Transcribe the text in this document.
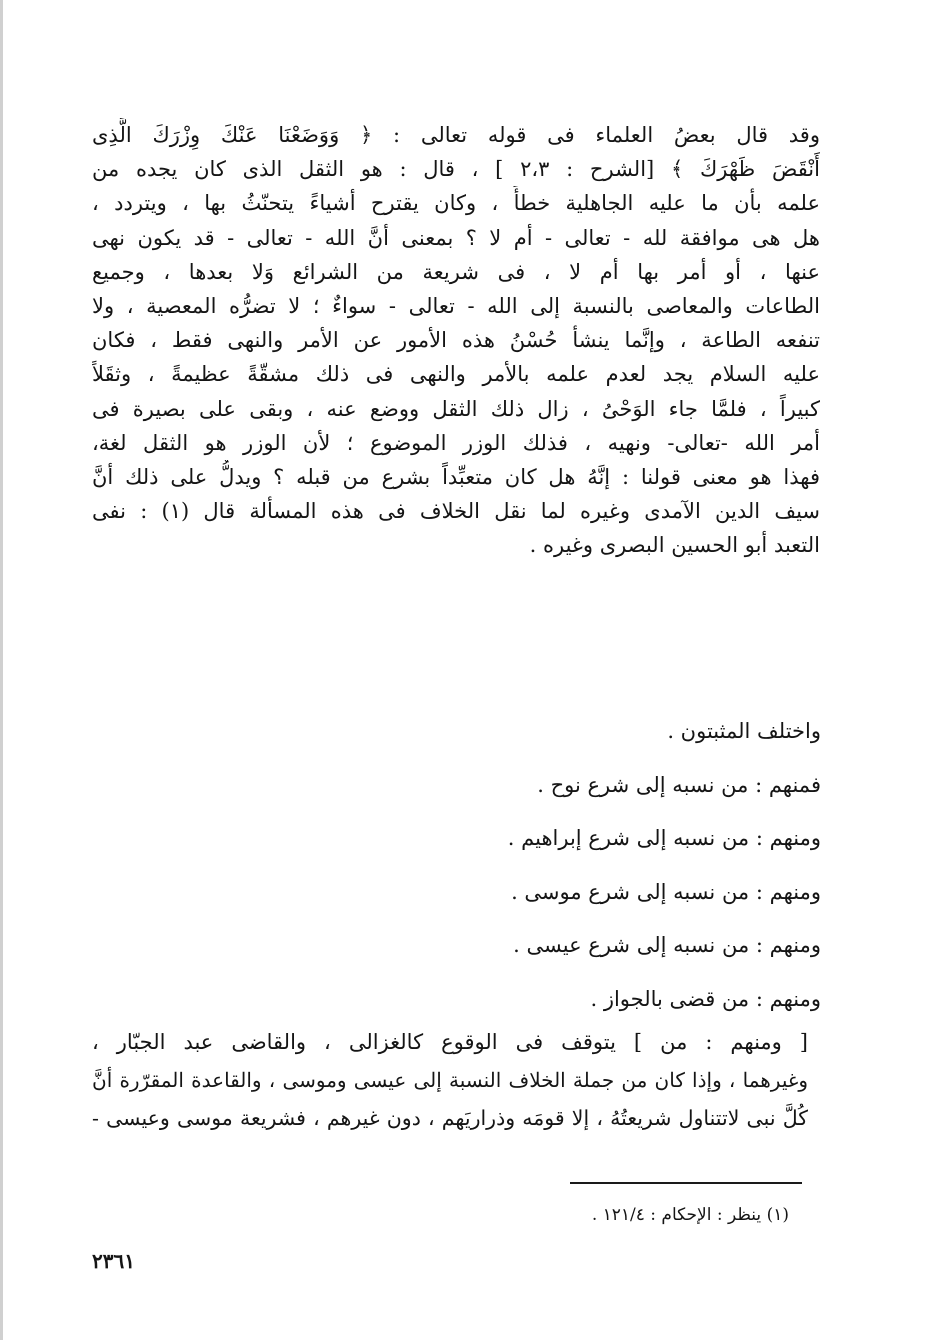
وقد قال بعضُ العلماء فى قوله تعالى : ﴿ وَوَضَعْنَا عَنْكَ وِزْرَكَ الَّذِى
أَنْقَضَ ظَهْرَكَ ﴾ [الشرح : ٢،٣ ] ، قال : هو الثقل الذى كان يجده من
علمه بأن ما عليه الجاهلية خطأً ، وكان يقترح أشياءً يتحنّثُ بها ، ويتردد ،
هل هى موافقة لله - تعالى - أم لا ؟ بمعنى أنَّ الله - تعالى - قد يكون نهى
عنها ، أو أمر بها أم لا ، فى شريعة من الشرائع وَلا بعدها ، وجميع
الطاعات والمعاصى بالنسبة إلى الله - تعالى - سواءٌ ؛ لا تضرُّه المعصية ، ولا
تنفعه الطاعة ، وإنَّما ينشأ حُسْنُ هذه الأمور عن الأمر والنهى فقط ، فكان
عليه السلام يجد لعدم علمه بالأمر والنهى فى ذلك مشقّةً عظيمةً ، وثقَلاً
كبيراً ، فلمَّا جاء الوَحْىُ ، زال ذلك الثقل ووضع عنه ، وبقى على بصيرة فى
أمر الله -تعالى- ونهيه ، فذلك الوزر الموضوع ؛ لأن الوزر هو الثقل لغة،
فهذا هو معنى قولنا : إنَّهُ هل كان متعبِّداً بشرع من قبله ؟ ويدلُّ على ذلك أنَّ
سيف الدين الآمدى وغيره لما نقل الخلاف فى هذه المسألة قال (١) : نفى
التعبد أبو الحسين البصرى وغيره .
واختلف المثبتون .
فمنهم : من نسبه إلى شرع نوح .
ومنهم : من نسبه إلى شرع إبراهيم .
ومنهم : من نسبه إلى شرع موسى .
ومنهم : من نسبه إلى شرع عيسى .
ومنهم : من قضى بالجواز .
[ ومنهم : من ] يتوقف فى الوقوع كالغزالى ، والقاضى عبد الجبّار ،
وغيرهما ، وإذا كان من جملة الخلاف النسبة إلى عيسى وموسى ، والقاعدة المقرّرة أنَّ
كُلَّ نبى لاتتناول شريعتُهُ ، إلا قومَه وذراريَهم ، دون غيرهم ، فشريعة موسى وعيسى -
(١) ينظر : الإحكام : ١٢١/٤ .
٢٣٦١
